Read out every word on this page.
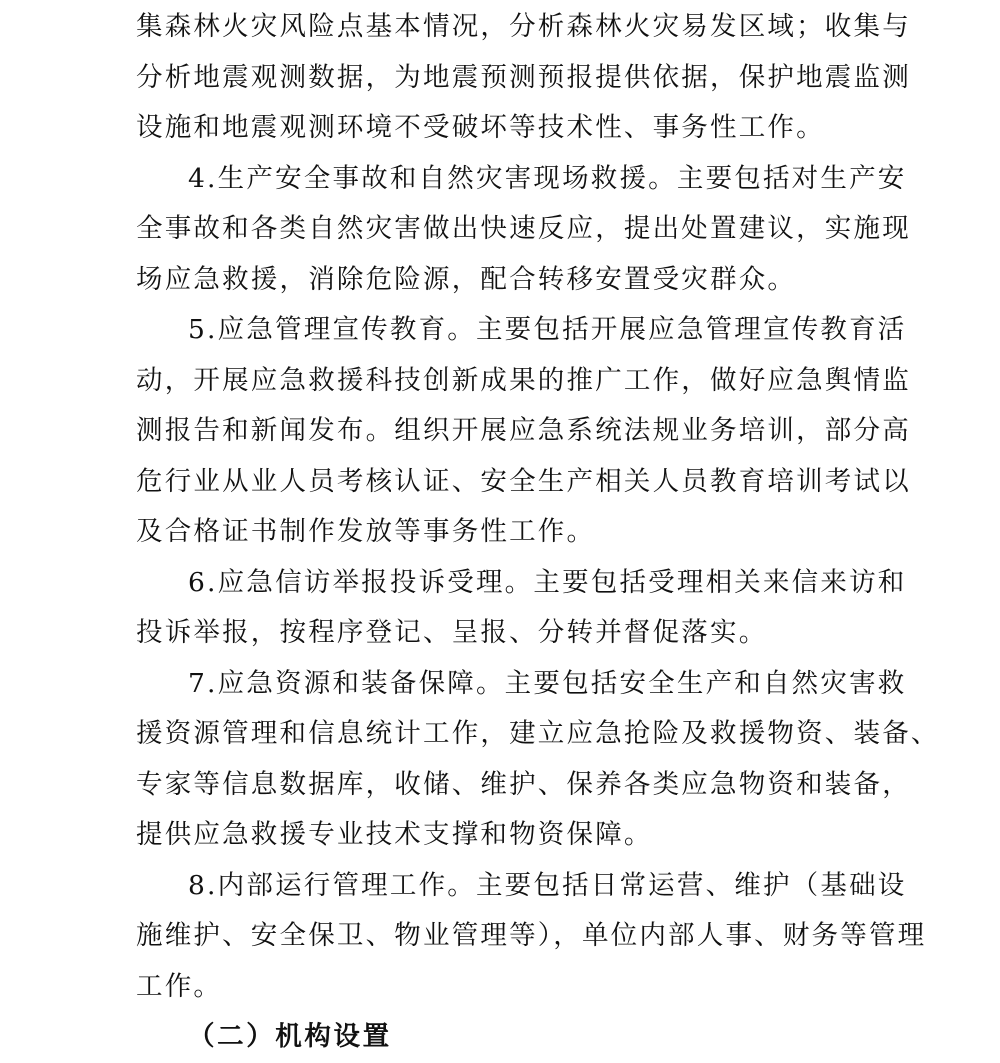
集森林火灾风险点基本情况，分析森林火灾易发区域；收集与
分析地震观测数据，为地震预测预报提供依据，保护地震监测
设施和地震观测环境不受破坏等技术性、事务性工作。
4.生产安全事故和自然灾害现场救援。主要包括对生产安
全事故和各类自然灾害做出快速反应，提出处置建议，实施现
场应急救援，消除危险源，配合转移安置受灾群众。
5.应急管理宣传教育。主要包括开展应急管理宣传教育活
动，开展应急救援科技创新成果的推广工作，做好应急舆情监
测报告和新闻发布。组织开展应急系统法规业务培训，部分高
危行业从业人员考核认证、安全生产相关人员教育培训考试以
及合格证书制作发放等事务性工作。
6.应急信访举报投诉受理。主要包括受理相关来信来访和
投诉举报，按程序登记、呈报、分转并督促落实。
7.应急资源和装备保障。主要包括安全生产和自然灾害救
援资源管理和信息统计工作，建立应急抢险及救援物资、装备、
专家等信息数据库，收储、维护、保养各类应急物资和装备，
提供应急救援专业技术支撑和物资保障。
8.内部运行管理工作。主要包括日常运营、维护（基础设
施维护、安全保卫、物业管理等），单位内部人事、财务等管理
工作。
（二）机构设置
